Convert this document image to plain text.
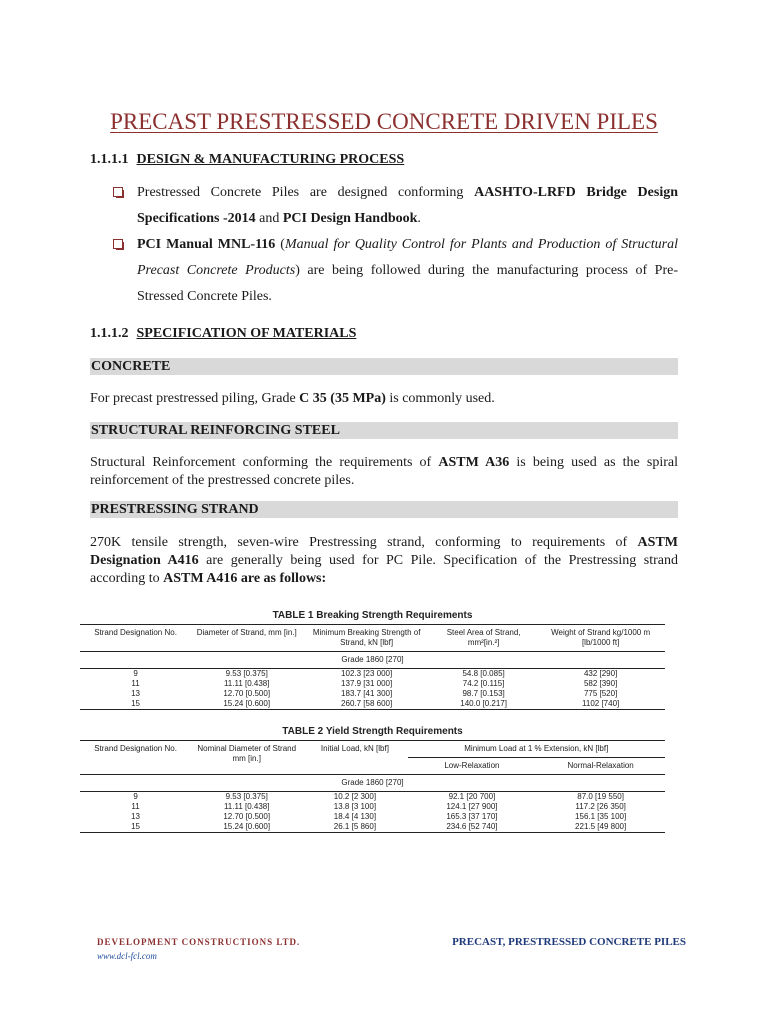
PRECAST PRESTRESSED CONCRETE DRIVEN PILES
1.1.1.1 DESIGN & MANUFACTURING PROCESS
Prestressed Concrete Piles are designed conforming AASHTO-LRFD Bridge Design Specifications -2014 and PCI Design Handbook.
PCI Manual MNL-116 (Manual for Quality Control for Plants and Production of Structural Precast Concrete Products) are being followed during the manufacturing process of Pre-Stressed Concrete Piles.
1.1.1.2 SPECIFICATION OF MATERIALS
CONCRETE
For precast prestressed piling, Grade C 35 (35 MPa) is commonly used.
STRUCTURAL REINFORCING STEEL
Structural Reinforcement conforming the requirements of ASTM A36 is being used as the spiral reinforcement of the prestressed concrete piles.
PRESTRESSING STRAND
270K tensile strength, seven-wire Prestressing strand, conforming to requirements of ASTM Designation A416 are generally being used for PC Pile. Specification of the Prestressing strand according to ASTM A416 are as follows:
TABLE 1 Breaking Strength Requirements
Strand Designation No.	Diameter of Strand, mm [in.]	Minimum Breaking Strength of Strand, kN [lbf]	Steel Area of Strand, mm²[in.²]	Weight of Strand kg/1000 m [lb/1000 ft]
Grade 1860 [270]				
9	9.53 [0.375]	102.3 [23 000]	54.8 [0.085]	432 [290]
11	11.11 [0.438]	137.9 [31 000]	74.2 [0.115]	582 [390]
13	12.70 [0.500]	183.7 [41 300]	98.7 [0.153]	775 [520]
15	15.24 [0.600]	260.7 [58 600]	140.0 [0.217]	1102 [740]
TABLE 2 Yield Strength Requirements
Strand Designation No.	Nominal Diameter of Strand mm [in.]	Initial Load, kN [lbf]	Minimum Load at 1 % Extension, kN [lbf]	
			Low-Relaxation	Normal-Relaxation
Grade 1860 [270]				
9	9.53 [0.375]	10.2 [2 300]	92.1 [20 700]	87.0 [19 550]
11	11.11 [0.438]	13.8 [3 100]	124.1 [27 900]	117.2 [26 350]
13	12.70 [0.500]	18.4 [4 130]	165.3 [37 170]	156.1 [35 100]
15	15.24 [0.600]	26.1 [5 860]	234.6 [52 740]	221.5 [49 800]
DEVELOPMENT CONSTRUCTIONS LTD.
www.dcl-fcl.com
PRECAST, PRESTRESSED CONCRETE PILES
